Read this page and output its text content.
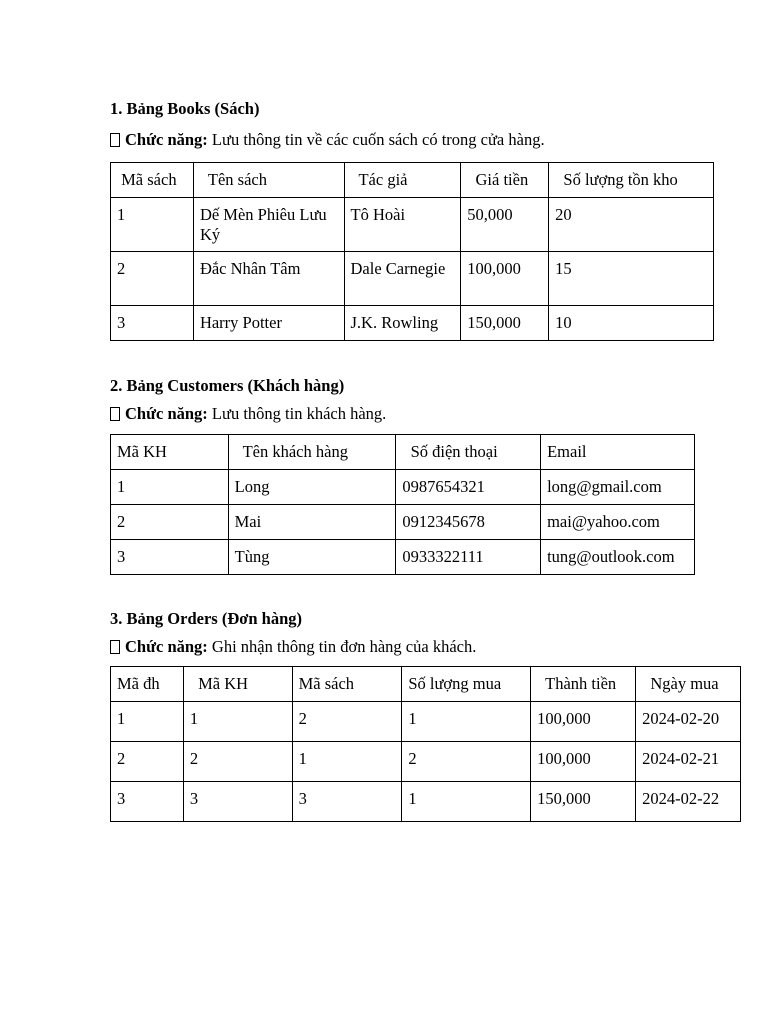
1. Bảng Books (Sách)
Chức năng: Lưu thông tin về các cuốn sách có trong cửa hàng.
Mã sách	Tên sách	Tác giả	Giá tiền	Số lượng tồn kho
1	Dế Mèn Phiêu Lưu Ký	Tô Hoài	50,000	20
2	Đắc Nhân Tâm	Dale Carnegie	100,000	15
3	Harry Potter	J.K. Rowling	150,000	10
2. Bảng Customers (Khách hàng)
Chức năng: Lưu thông tin khách hàng.
Mã KH	Tên khách hàng	Số điện thoại	Email
1	Long	0987654321	long@gmail.com
2	Mai	0912345678	mai@yahoo.com
3	Tùng	0933322111	tung@outlook.com
3. Bảng Orders (Đơn hàng)
Chức năng: Ghi nhận thông tin đơn hàng của khách.
Mã đh	Mã KH	Mã sách	Số lượng mua	Thành tiền	Ngày mua
1	1	2	1	100,000	2024-02-20
2	2	1	2	100,000	2024-02-21
3	3	3	1	150,000	2024-02-22
